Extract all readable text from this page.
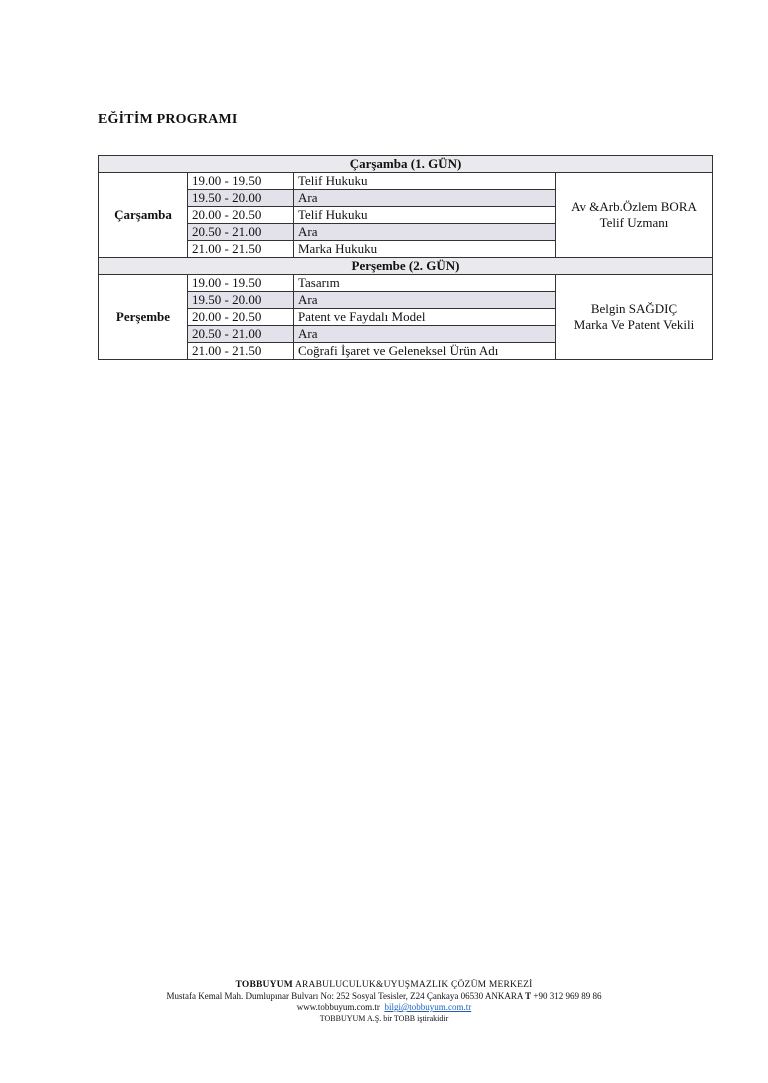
EĞİTİM PROGRAMI
Çarşamba (1. GÜN)			
Çarşamba	19.00 - 19.50	Telif Hukuku	Av &Arb.Özlem BORA
Telif Uzmanı

	19.50 - 20.00	Ara	
	20.00 - 20.50	Telif Hukuku	
	20.50 - 21.00	Ara	
	21.00 - 21.50	Marka Hukuku	
Perşembe (2. GÜN)			
Perşembe	19.00 - 19.50	Tasarım	Belgin SAĞDIÇ
Marka Ve Patent Vekili

	19.50 - 20.00	Ara	
	20.00 - 20.50	Patent ve Faydalı Model	
	20.50 - 21.00	Ara	
	21.00 - 21.50	Coğrafi İşaret ve Geleneksel Ürün Adı	
TOBBUYUM ARABULUCULUK&UYUŞMAZLIK ÇÖZÜM MERKEZİ
Mustafa Kemal Mah. Dumlupınar Bulvarı No: 252 Sosyal Tesisler, Z24 Çankaya 06530 ANKARA T +90 312 969 89 86
www.tobbuyum.com.tr bilgi@tobbuyum.com.tr
TOBBUYUM A.Ş. bir TOBB iştirakidir
